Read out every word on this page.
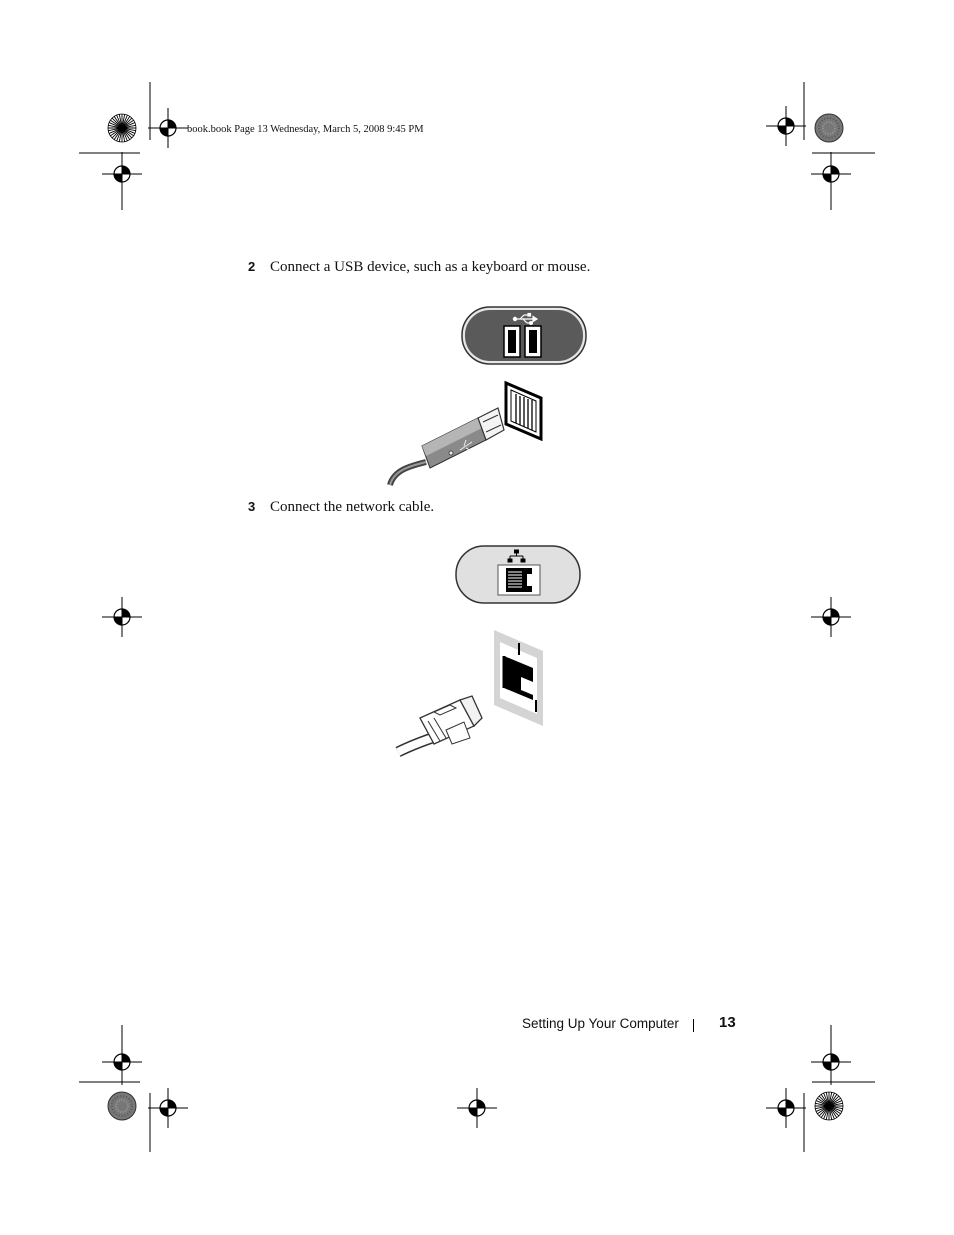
book.book Page 13 Wednesday, March 5, 2008 9:45 PM
2 Connect a USB device, such as a keyboard or mouse.
3 Connect the network cable.
Setting Up Your Computer	13
